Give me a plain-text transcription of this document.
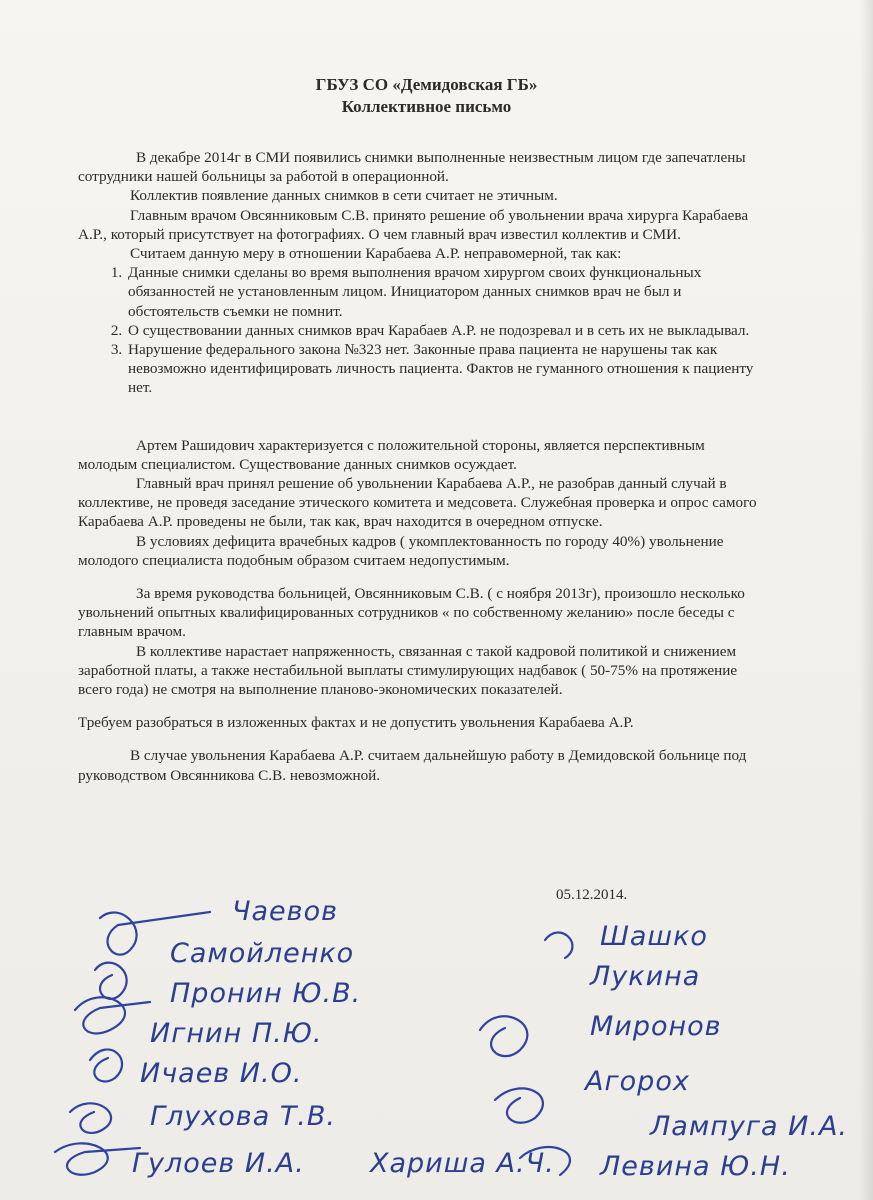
ГБУЗ СО «Демидовская ГБ»
Коллективное письмо

В декабре 2014г в СМИ появились снимки выполненные неизвестным лицом где запечатлены сотрудники нашей больницы за работой в операционной.

Коллектив появление данных снимков в сети считает не этичным.

Главным врачом Овсянниковым С.В. принято решение об увольнении врача хирурга Карабаева А.Р., который присутствует на фотографиях. О чем главный врач известил коллектив и СМИ.

Считаем данную меру в отношении Карабаева А.Р. неправомерной, так как:

1. Данные снимки сделаны во время выполнения врачом хирургом своих функциональных обязанностей не установленным лицом. Инициатором данных снимков врач не был и обстоятельств съемки не помнит.
2. О существовании данных снимков врач Карабаев А.Р. не подозревал и в сеть их не выкладывал.
3. Нарушение федерального закона №323 нет. Законные права пациента не нарушены так как невозможно идентифицировать личность пациента. Фактов не гуманного отношения к пациенту нет.

Артем Рашидович характеризуется с положительной стороны, является перспективным молодым специалистом. Существование данных снимков осуждает.

Главный врач принял решение об увольнении Карабаева А.Р., не разобрав данный случай в коллективе, не проведя заседание этического комитета и медсовета. Служебная проверка и опрос самого Карабаева А.Р. проведены не были, так как, врач находится в очередном отпуске.

В условиях дефицита врачебных кадров ( укомплектованность по городу 40%) увольнение молодого специалиста подобным образом считаем недопустимым.

За время руководства больницей, Овсянниковым С.В. ( с ноября 2013г), произошло несколько увольнений опытных квалифицированных сотрудников « по собственному желанию» после беседы с главным врачом.

В коллективе нарастает напряженность, связанная с такой кадровой политикой и снижением заработной платы, а также нестабильной выплаты стимулирующих надбавок ( 50-75% на протяжение всего года) не смотря на выполнение планово-экономических показателей.

Требуем разобраться в изложенных фактах и не допустить увольнения Карабаева А.Р.

В случае увольнения Карабаева А.Р. считаем дальнейшую работу в Демидовской больнице под руководством Овсянникова С.В. невозможной.

05.12.2014.
Чаевов
Самойленко
Пронин Ю.В.
Игнин П.Ю.
Ичаев И.О.
Глухова Т.В.
Гулоев И.А.
Шашко
Лукина
Миронов
Агорох
Лампуга И.А.
Хариша А.Ч. Левина Ю.Н.
